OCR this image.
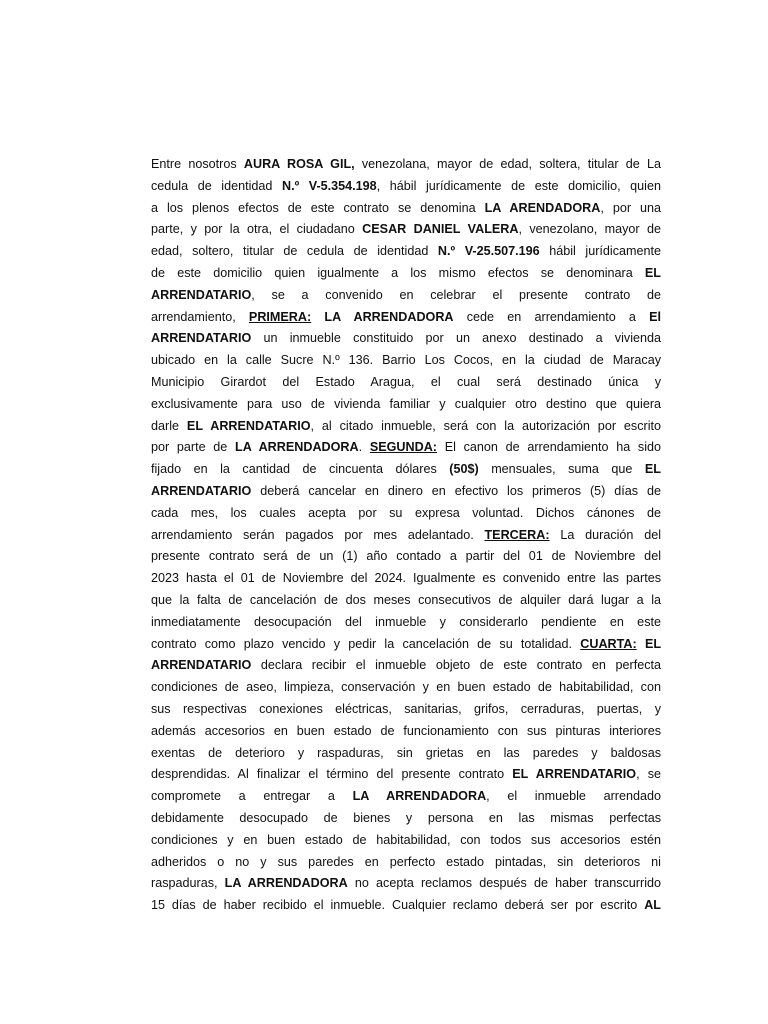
Entre nosotros AURA ROSA GIL, venezolana, mayor de edad, soltera, titular de La
cedula de identidad N.º V-5.354.198, hábil jurídicamente de este domicilio, quien
a los plenos efectos de este contrato se denomina LA ARENDADORA, por una
parte, y por la otra, el ciudadano CESAR DANIEL VALERA, venezolano, mayor de
edad, soltero, titular de cedula de identidad N.º V-25.507.196 hábil jurídicamente
de este domicilio quien igualmente a los mismo efectos se denominara EL
ARRENDATARIO, se a convenido en celebrar el presente contrato de
arrendamiento, PRIMERA: LA ARRENDADORA cede en arrendamiento a El
ARRENDATARIO un inmueble constituido por un anexo destinado a vivienda
ubicado en la calle Sucre N.º 136. Barrio Los Cocos, en la ciudad de Maracay
Municipio Girardot del Estado Aragua, el cual será destinado única y
exclusivamente para uso de vivienda familiar y cualquier otro destino que quiera
darle EL ARRENDATARIO, al citado inmueble, será con la autorización por escrito
por parte de LA ARRENDADORA. SEGUNDA: El canon de arrendamiento ha sido
fijado en la cantidad de cincuenta dólares (50$) mensuales, suma que EL
ARRENDATARIO deberá cancelar en dinero en efectivo los primeros (5) días de
cada mes, los cuales acepta por su expresa voluntad. Dichos cánones de
arrendamiento serán pagados por mes adelantado. TERCERA: La duración del
presente contrato será de un (1) año contado a partir del 01 de Noviembre del
2023 hasta el 01 de Noviembre del 2024. Igualmente es convenido entre las partes
que la falta de cancelación de dos meses consecutivos de alquiler dará lugar a la
inmediatamente desocupación del inmueble y considerarlo pendiente en este
contrato como plazo vencido y pedir la cancelación de su totalidad. CUARTA: EL
ARRENDATARIO declara recibir el inmueble objeto de este contrato en perfecta
condiciones de aseo, limpieza, conservación y en buen estado de habitabilidad, con
sus respectivas conexiones eléctricas, sanitarias, grifos, cerraduras, puertas, y
además accesorios en buen estado de funcionamiento con sus pinturas interiores
exentas de deterioro y raspaduras, sin grietas en las paredes y baldosas
desprendidas. Al finalizar el término del presente contrato EL ARRENDATARIO, se
compromete a entregar a LA ARRENDADORA, el inmueble arrendado
debidamente desocupado de bienes y persona en las mismas perfectas
condiciones y en buen estado de habitabilidad, con todos sus accesorios estén
adheridos o no y sus paredes en perfecto estado pintadas, sin deterioros ni
raspaduras, LA ARRENDADORA no acepta reclamos después de haber transcurrido
15 días de haber recibido el inmueble. Cualquier reclamo deberá ser por escrito AL
